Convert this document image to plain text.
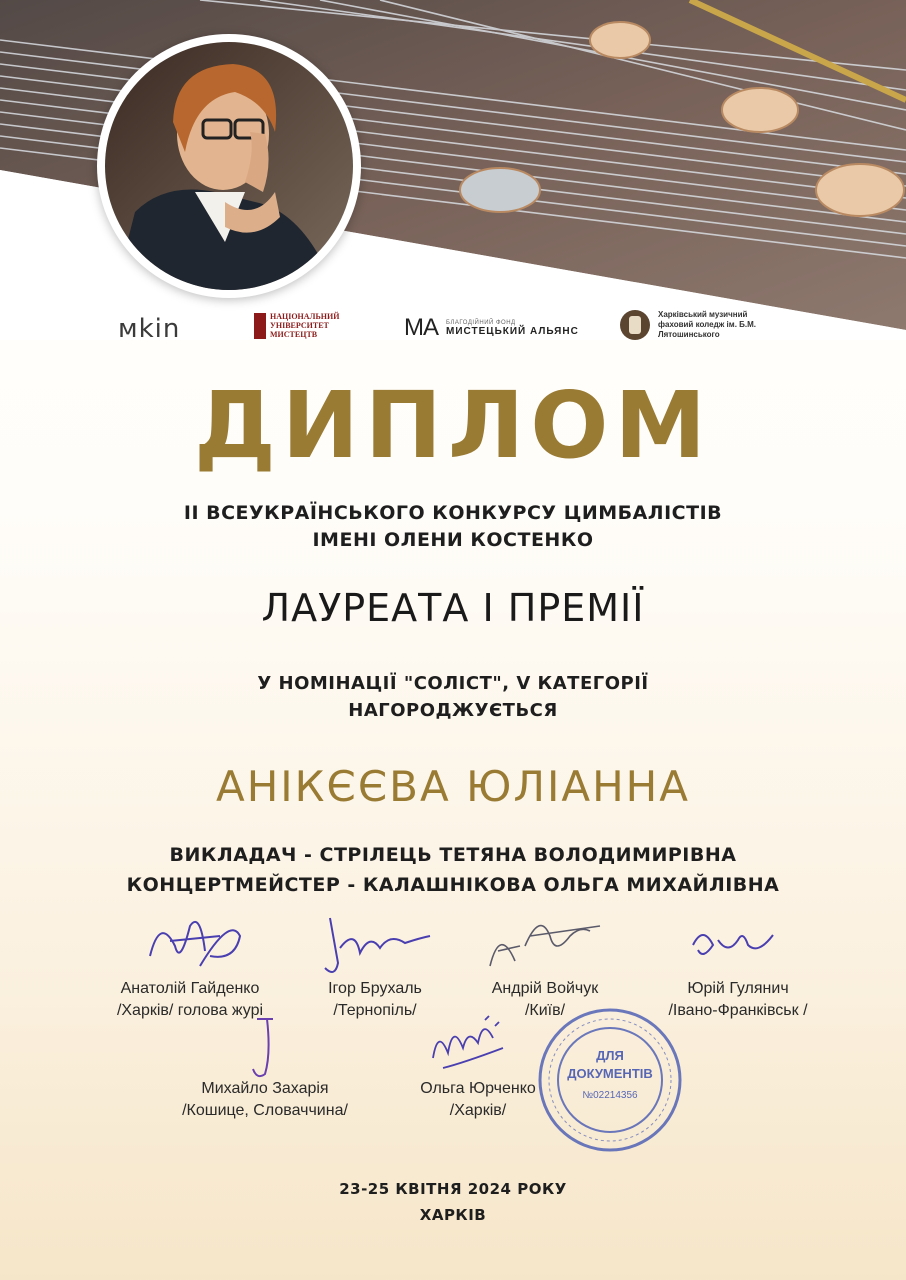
мkin	НАЦІОНАЛЬНИЙ УНІВЕРСИТЕТ МИСТЕЦТВ	MA БЛАГОДІЙНИЙ ФОНД
МИСТЕЦЬКИЙ АЛЬЯНС
Харківський музичний фаховий коледж ім. Б.М. Лятошинського
ДИПЛОМ
II ВСЕУКРАЇНСЬКОГО КОНКУРСУ ЦИМБАЛІСТІВ
ІМЕНІ ОЛЕНИ КОСТЕНКО
ЛАУРЕАТА I ПРЕМІЇ
У НОМІНАЦІЇ "СОЛІСТ", V КАТЕГОРІЇ
НАГОРОДЖУЄТЬСЯ
АНІКЄЄВА ЮЛІАННА
ВИКЛАДАЧ - СТРІЛЕЦЬ ТЕТЯНА ВОЛОДИМИРІВНА
КОНЦЕРТМЕЙСТЕР - КАЛАШНІКОВА ОЛЬГА МИХАЙЛІВНА
Анатолій Гайденко
/Харків/ голова журі
Ігор Брухаль
/Тернопіль/
Андрій Войчук
/Київ/
Юрій Гулянич
/Івано-Франківськ /
Михайло Захарія
/Кошице, Словаччина/
Ольга Юрченко
/Харків/
ДЛЯ
ДОКУМЕНТІВ
№02214356
23-25 КВІТНЯ 2024 РОКУ
ХАРКІВ
